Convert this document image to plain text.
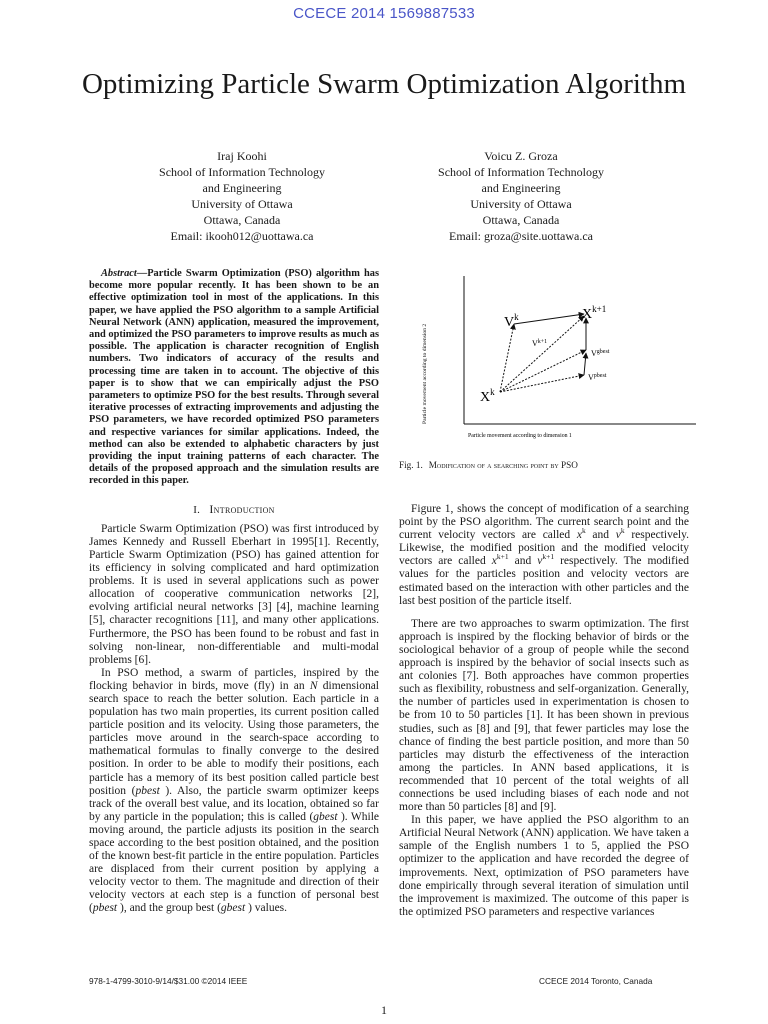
CCECE 2014 1569887533
Optimizing Particle Swarm Optimization Algorithm
Iraj Koohi
School of Information Technology
and Engineering
University of Ottawa
Ottawa, Canada
Email: ikooh012@uottawa.ca
Voicu Z. Groza
School of Information Technology
and Engineering
University of Ottawa
Ottawa, Canada
Email: groza@site.uottawa.ca

Abstract—Particle Swarm Optimization (PSO) algorithm has become more popular recently. It has been shown to be an effective optimization tool in most of the applications. In this paper, we have applied the PSO algorithm to a sample Artificial Neural Network (ANN) application, measured the improvement, and optimized the PSO parameters to improve results as much as possible. The application is character recognition of English numbers. Two indicators of accuracy of the results and processing time are taken in to account. The objective of this paper is to show that we can empirically adjust the PSO parameters to optimize PSO for the best results. Through several iterative processes of extracting improvements and adjusting the PSO parameters, we have recorded optimized PSO parameters and respective variances for similar applications. Indeed, the method can also be extended to alphabetic characters by just providing the input training patterns of each character. The details of the proposed approach and the simulation results are recorded in this paper.

I. Introduction

Particle Swarm Optimization (PSO) was first introduced by James Kennedy and Russell Eberhart in 1995[1]. Recently, Particle Swarm Optimization (PSO) has gained attention for its efficiency in solving complicated and hard optimization problems. It is used in several applications such as power allocation of cooperative communication networks [2], evolving artificial neural networks [3] [4], machine learning [5], character recognitions [11], and many other applications. Furthermore, the PSO has been found to be robust and fast in solving non-linear, non-differentiable and multi-modal problems [6].

In PSO method, a swarm of particles, inspired by the flocking behavior in birds, move (fly) in an N dimensional search space to reach the better solution. Each particle in a population has two main properties, its current position called particle position and its velocity. Using those parameters, the particles move around in the search-space according to mathematical formulas to finally converge to the desired position. In order to be able to modify their positions, each particle has a memory of its best position called particle best position (pbest ). Also, the particle swarm optimizer keeps track of the overall best value, and its location, obtained so far by any particle in the population; this is called (gbest ). While moving around, the particle adjusts its position in the search space according to the best position obtained, and the position of the known best-fit particle in the entire population. Particles are displaced from their current position by applying a velocity vector to them. The magnitude and direction of their velocity vectors at each step is a function of personal best (pbest ), and the group best (gbest ) values.

Particle movement according to dimension 2
Particle movement according to dimension 1
$V^k$	$X^{k+1}$
$V^{k+1}$
$V^{gbest}$
$V^{pbest}$
$X^k$
Fig. 1. Modification of a searching point by PSO

Figure 1, shows the concept of modification of a searching point by the PSO algorithm. The current search point and the current velocity vectors are called $x^k$ and $v^k$ respectively. Likewise, the modified position and the modified velocity vectors are called $x^{k+1}$ and $v^{k+1}$ respectively. The modified values for the particles position and velocity vectors are estimated based on the interaction with other particles and the last best position of the particle itself.

There are two approaches to swarm optimization. The first approach is inspired by the flocking behavior of birds or the sociological behavior of a group of people while the second approach is inspired by the behavior of social insects such as ant colonies [7]. Both approaches have common properties such as flexibility, robustness and self-organization. Generally, the number of particles used in experimentation is chosen to be from 10 to 50 particles [1]. It has been shown in previous studies, such as [8] and [9], that fewer particles may lose the chance of finding the best particle position, and more than 50 particles may disturb the effectiveness of the interaction among the particles. In ANN based applications, it is recommended that 10 percent of the total weights of all connections be used including biases of each node and not more than 50 particles [8] and [9].

In this paper, we have applied the PSO algorithm to an Artificial Neural Network (ANN) application. We have taken a sample of the English numbers 1 to 5, applied the PSO optimizer to the application and have recorded the degree of improvements. Next, optimization of PSO parameters have done empirically through several iteration of simulation until the improvement is maximized. The outcome of this paper is the optimized PSO parameters and respective variances

978-1-4799-3010-9/14/$31.00 ©2014 IEEE	CCECE 2014 Toronto, Canada
1
